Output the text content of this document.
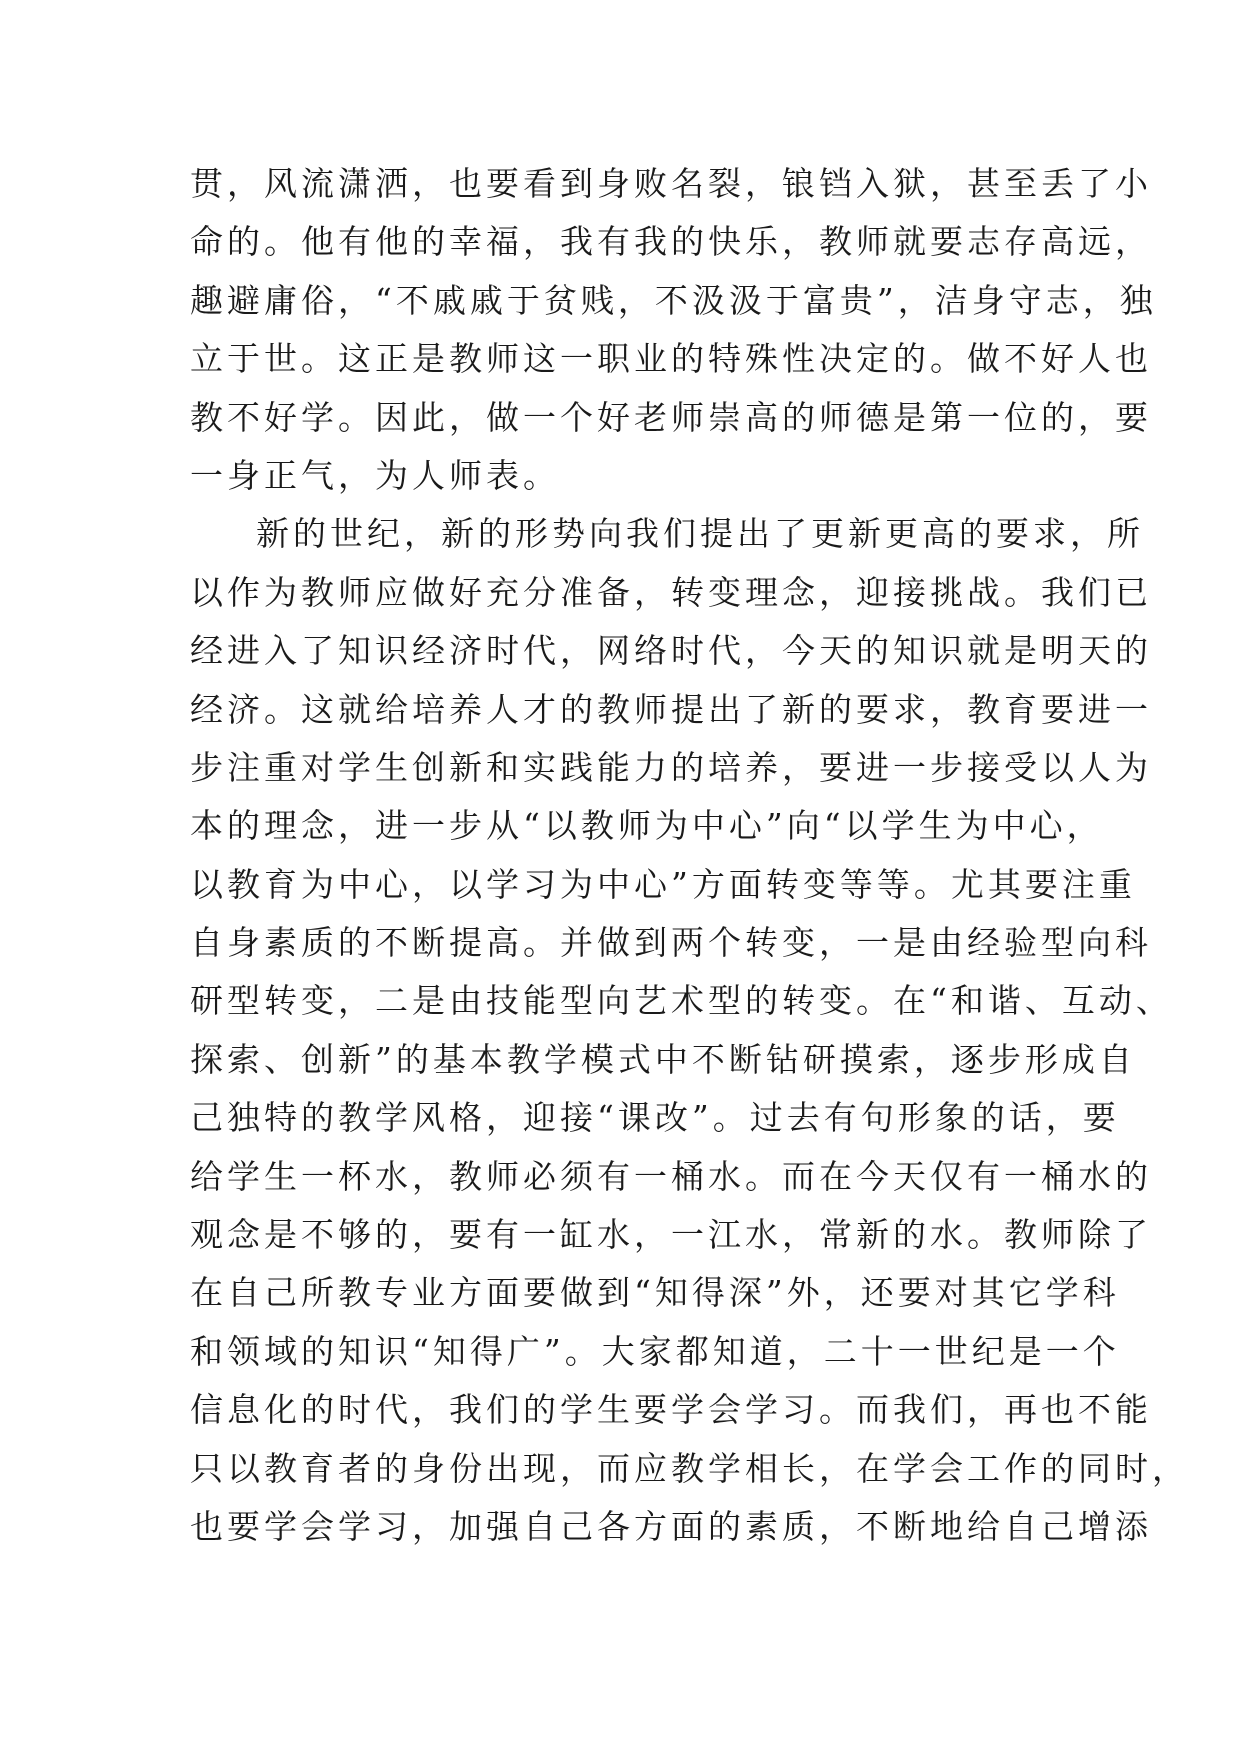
贯，风流潇洒，也要看到身败名裂，锒铛入狱，甚至丢了小
命的。他有他的幸福，我有我的快乐，教师就要志存高远，
趣避庸俗，“不戚戚于贫贱，不汲汲于富贵”，洁身守志，独
立于世。这正是教师这一职业的特殊性决定的。做不好人也
教不好学。因此，做一个好老师崇高的师德是第一位的，要
一身正气，为人师表。
新的世纪，新的形势向我们提出了更新更高的要求，所
以作为教师应做好充分准备，转变理念，迎接挑战。我们已
经进入了知识经济时代，网络时代，今天的知识就是明天的
经济。这就给培养人才的教师提出了新的要求，教育要进一
步注重对学生创新和实践能力的培养，要进一步接受以人为
本的理念，进一步从“以教师为中心”向“以学生为中心，
以教育为中心，以学习为中心”方面转变等等。尤其要注重
自身素质的不断提高。并做到两个转变，一是由经验型向科
研型转变，二是由技能型向艺术型的转变。在“和谐、互动、
探索、创新”的基本教学模式中不断钻研摸索，逐步形成自
己独特的教学风格，迎接“课改”。过去有句形象的话，要
给学生一杯水，教师必须有一桶水。而在今天仅有一桶水的
观念是不够的，要有一缸水，一江水，常新的水。教师除了
在自己所教专业方面要做到“知得深”外，还要对其它学科
和领域的知识“知得广”。大家都知道，二十一世纪是一个
信息化的时代，我们的学生要学会学习。而我们，再也不能
只以教育者的身份出现，而应教学相长，在学会工作的同时，
也要学会学习，加强自己各方面的素质，不断地给自己增添
